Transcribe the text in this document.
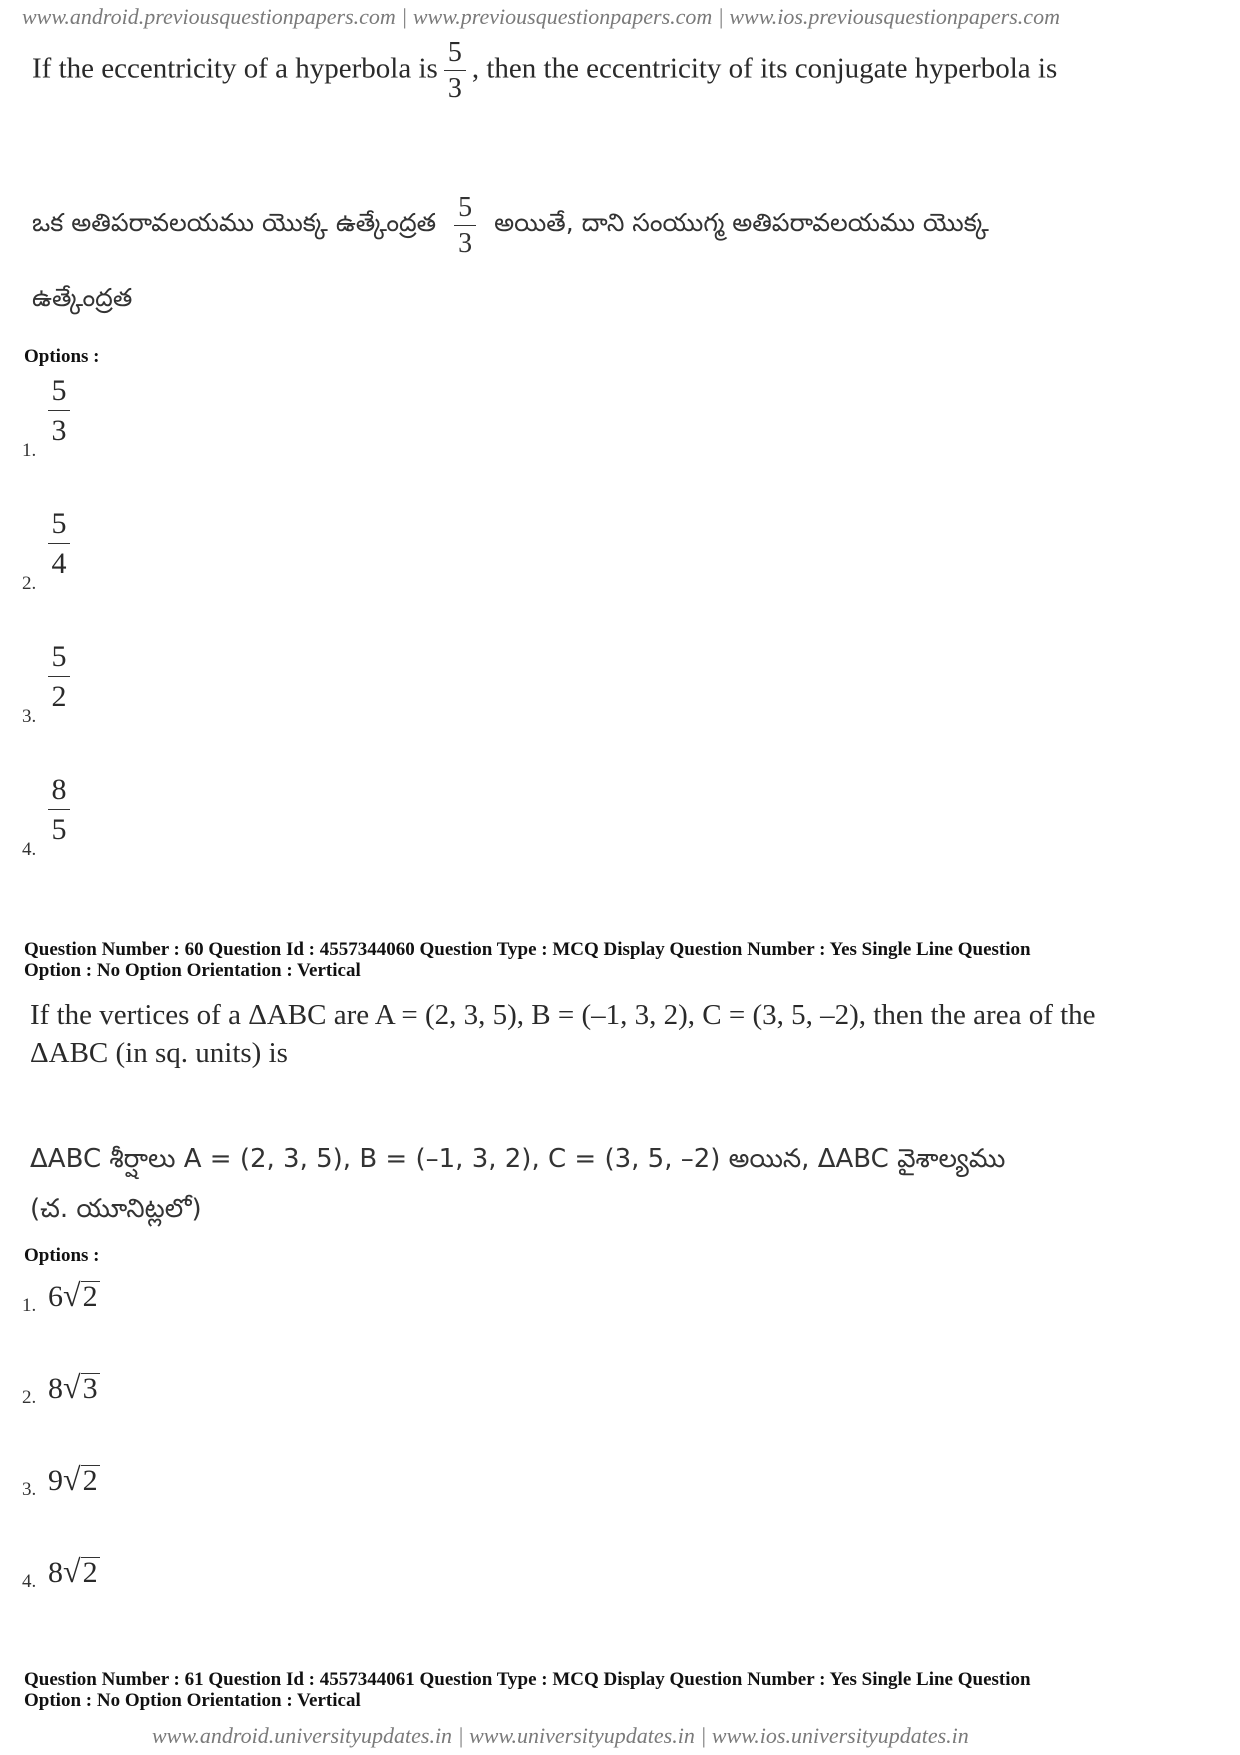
www.android.previousquestionpapers.com | www.previousquestionpapers.com | www.ios.previousquestionpapers.com
If the eccentricity of a hyperbola is $\frac{5}{3}$ , then the eccentricity of its conjugate hyperbola is
ఒక అతిపరావలయము యొక్క ఉత్కేంద్రత $\frac{5}{3}$ అయితే, దాని సంయుగ్మ అతిపరావలయము యొక్క
ఉత్కేంద్రత
Options :
1.
5
3
2.
5
4
3.
5
2
4.
8
5
Question Number : 60 Question Id : 4557344060 Question Type : MCQ Display Question Number : Yes Single Line Question
Option : No Option Orientation : Vertical
If the vertices of a ΔABC are A = (2, 3, 5), B = (–1, 3, 2), C = (3, 5, –2), then the area of the
ΔABC (in sq. units) is
ΔABC శీర్షాలు A = (2, 3, 5), B = (–1, 3, 2), C = (3, 5, –2) అయిన, ΔABC వైశాల్యము
(చ. యూనిట్లలో)
Options :
1. 6 √ 2
2. 8 √ 3
3. 9 √ 2
4. 8 √ 2
Question Number : 61 Question Id : 4557344061 Question Type : MCQ Display Question Number : Yes Single Line Question
Option : No Option Orientation : Vertical
www.android.universityupdates.in | www.universityupdates.in | www.ios.universityupdates.in
